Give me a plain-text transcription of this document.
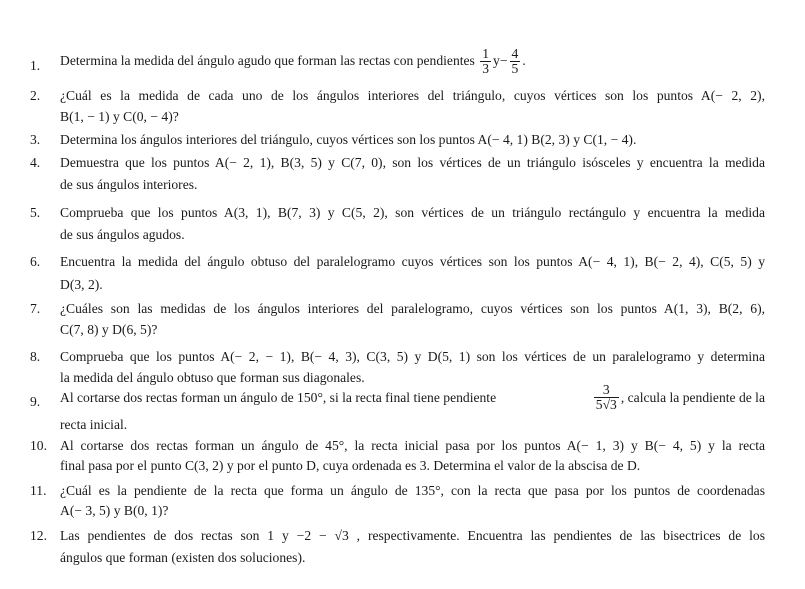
1.	Determina la medida del ángulo agudo que forman las rectas con pendientes $\frac{1}{3} y- \frac{4}{5}$ .
2.	¿Cuál es la medida de cada uno de los ángulos interiores del triángulo, cuyos vértices son los puntos A(− 2, 2),
B(1, − 1) y C(0, − 4)?
3.	Determina los ángulos interiores del triángulo, cuyos vértices son los puntos A(− 4, 1) B(2, 3) y C(1, − 4).
4.	Demuestra que los puntos A(− 2, 1), B(3, 5) y C(7, 0), son los vértices de un triángulo isósceles y encuentra la medida
de sus ángulos interiores.
5.	Comprueba que los puntos A(3, 1), B(7, 3) y C(5, 2), son vértices de un triángulo rectángulo y encuentra la medida
de sus ángulos agudos.
6.	Encuentra la medida del ángulo obtuso del paralelogramo cuyos vértices son los puntos A(− 4, 1), B(− 2, 4), C(5, 5) y
D(3, 2).
7.	¿Cuáles son las medidas de los ángulos interiores del paralelogramo, cuyos vértices son los puntos A(1, 3), B(2, 6),
C(7, 8) y D(6, 5)?
8.	Comprueba que los puntos A(− 2, − 1), B(− 4, 3), C(3, 5) y D(5, 1) son los vértices de un paralelogramo y determina
la medida del ángulo obtuso que forman sus diagonales.
9.	Al cortarse dos rectas forman un ángulo de 150°, si la recta final tiene pendiente	$\frac{3}{5√3}$ , calcula la pendiente de la
recta inicial.
10. Al cortarse dos rectas forman un ángulo de 45°, la recta inicial pasa por los puntos A(− 1, 3) y B(− 4, 5) y la recta
final pasa por el punto C(3, 2) y por el punto D, cuya ordenada es 3. Determina el valor de la abscisa de D.
11. ¿Cuál es la pendiente de la recta que forma un ángulo de 135°, con la recta que pasa por los puntos de coordenadas
A(− 3, 5) y B(0, 1)?
12. Las pendientes de dos rectas son 1 y −2 − √3 , respectivamente. Encuentra las pendientes de las bisectrices de los
ángulos que forman (existen dos soluciones).
